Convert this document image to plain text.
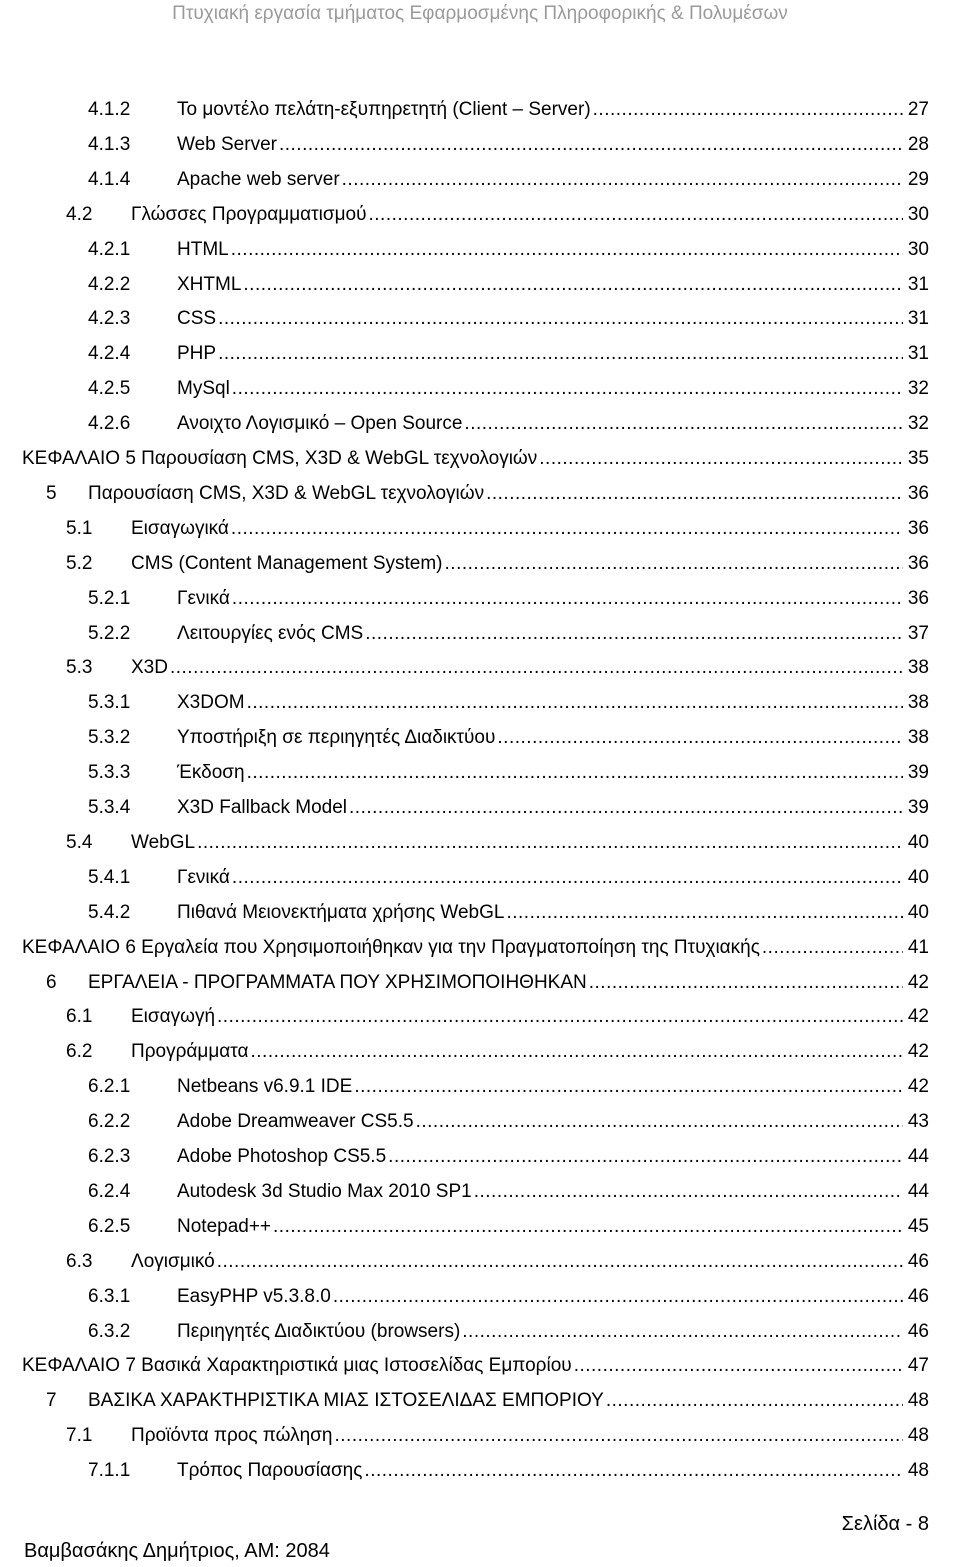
Πτυχιακή εργασία τμήματος Εφαρμοσμένης Πληροφορικής & Πολυμέσων
4.1.2 Το μοντέλο πελάτη-εξυπηρετητή (Client – Server) .....	27
4.1.3 Web Server .....	28
4.1.4 Apache web server .....	29
4.2 Γλώσσες Προγραμματισμού .....	30
4.2.1 HTML .....	30
4.2.2 XHTML .....	31
4.2.3 CSS .....	31
4.2.4 PHP .....	31
4.2.5 MySql .....	32
4.2.6 Ανοιχτο Λογισμικό – Open Source .....	32
ΚΕΦΑΛΑΙΟ 5 Παρουσίαση CMS, X3D & WebGL τεχνολογιών .....	35
5 Παρουσίαση CMS, X3D & WebGL τεχνολογιών .....	36
5.1 Εισαγωγικά .....	36
5.2 CMS (Content Management System) .....	36
5.2.1 Γενικά .....	36
5.2.2 Λειτουργίες ενός CMS .....	37
5.3 X3D .....	38
5.3.1 X3DOM .....	38
5.3.2 Υποστήριξη σε περιηγητές Διαδικτύου .....	38
5.3.3 Έκδοση .....	39
5.3.4 X3D Fallback Model .....	39
5.4 WebGL .....	40
5.4.1 Γενικά .....	40
5.4.2 Πιθανά Μειονεκτήματα χρήσης WebGL .....	40
ΚΕΦΑΛΑΙΟ 6 Εργαλεία που Χρησιμοποιήθηκαν για την Πραγματοποίηση της Πτυχιακής .....	41
6 ΕΡΓΑΛΕΙΑ - ΠΡΟΓΡΑΜΜΑΤΑ ΠΟΥ ΧΡΗΣΙΜΟΠΟΙΗΘΗΚΑΝ .....	42
6.1 Εισαγωγή .....	42
6.2 Προγράμματα .....	42
6.2.1 Netbeans v6.9.1 IDE .....	42
6.2.2 Adobe Dreamweaver CS5.5 .....	43
6.2.3 Adobe Photoshop CS5.5 .....	44
6.2.4 Autodesk 3d Studio Max 2010 SP1 .....	44
6.2.5 Notepad++ .....	45
6.3 Λογισμικό .....	46
6.3.1 EasyPHP v5.3.8.0 .....	46
6.3.2 Περιηγητές Διαδικτύου (browsers) .....	46
ΚΕΦΑΛΑΙΟ 7 Βασικά Χαρακτηριστικά μιας Ιστοσελίδας Εμπορίου .....	47
7 ΒΑΣΙΚΑ ΧΑΡΑΚΤΗΡΙΣΤΙΚΑ ΜΙΑΣ ΙΣΤΟΣΕΛΙΔΑΣ ΕΜΠΟΡΙΟΥ .....	48
7.1 Προϊόντα προς πώληση .....	48
7.1.1 Τρόπος Παρουσίασης .....	48
Σελίδα - 8
Βαμβασάκης Δημήτριος, ΑΜ: 2084
